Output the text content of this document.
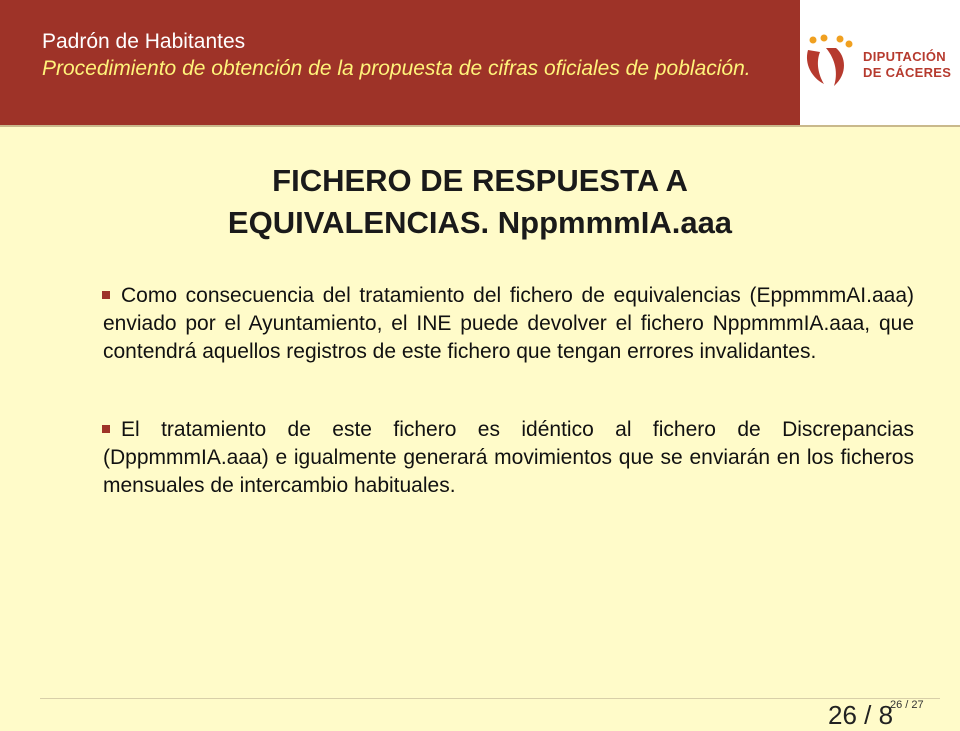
Padrón de Habitantes
Procedimiento de obtención de la propuesta de cifras oficiales de población.
DIPUTACIÓN
DE CÁCERES
FICHERO DE RESPUESTA A
EQUIVALENCIAS. NppmmmIA.aaa
Como consecuencia del tratamiento del fichero de equivalencias (EppmmmAI.aaa) enviado por el Ayuntamiento, el INE puede devolver el fichero NppmmmIA.aaa, que contendrá aquellos registros de este fichero que tengan errores invalidantes.
El tratamiento de este fichero es idéntico al fichero de Discrepancias (DppmmmIA.aaa) e igualmente generará movimientos que se enviarán en los ficheros mensuales de intercambio habituales.
26 / 8
26 / 27
